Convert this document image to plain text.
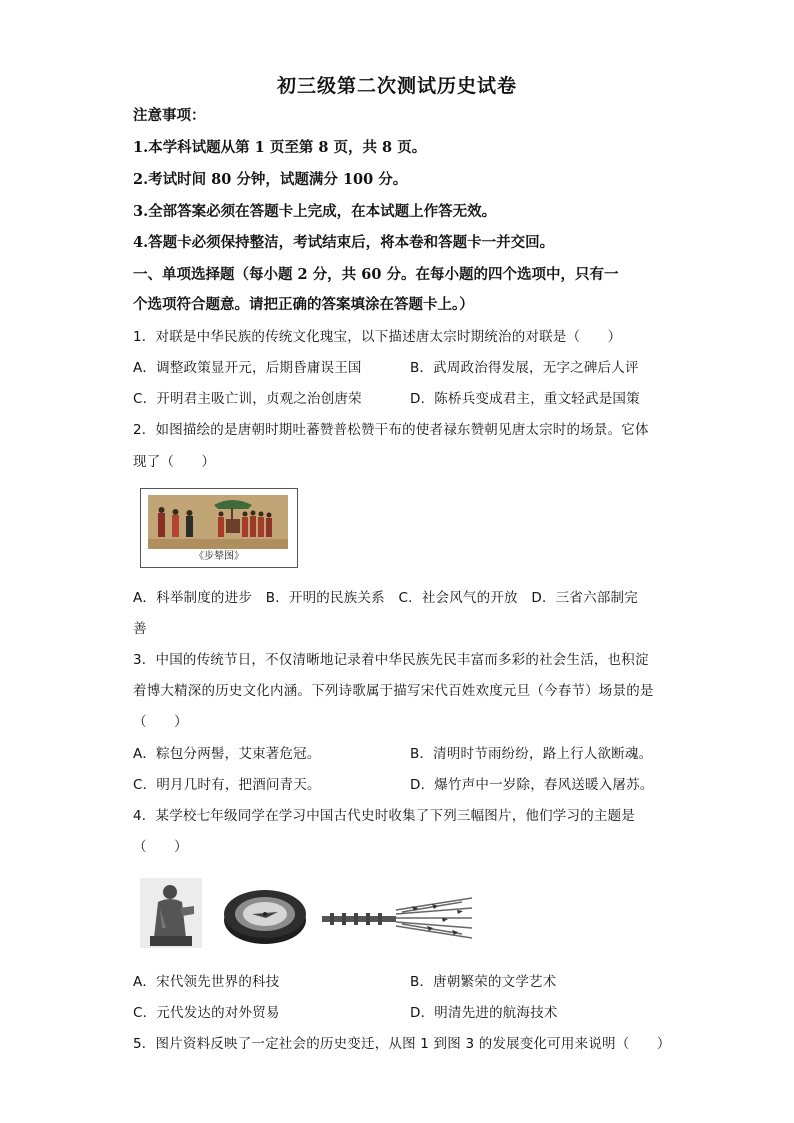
初三级第二次测试历史试卷
注意事项：
1.本学科试题从第 1 页至第 8 页，共 8 页。
2.考试时间 80 分钟，试题满分 100 分。
3.全部答案必须在答题卡上完成，在本试题上作答无效。
4.答题卡必须保持整洁，考试结束后，将本卷和答题卡一并交回。
一、单项选择题（每小题 2 分，共 60 分。在每小题的四个选项中，只有一
个选项符合题意。请把正确的答案填涂在答题卡上。）
1．对联是中华民族的传统文化瑰宝，以下描述唐太宗时期统治的对联是（　　）
A．调整政策显开元，后期昏庸误王国	B．武周政治得发展，无字之碑后人评
C．开明君主吸亡训，贞观之治创唐荣	D．陈桥兵变成君主，重文轻武是国策
2．如图描绘的是唐朝时期吐蕃赞普松赞干布的使者禄东赞朝见唐太宗时的场景。它体
现了（　　）
《步辇图》
A．科举制度的进步　B．开明的民族关系　C．社会风气的开放　D．三省六部制完
善
3．中国的传统节日，不仅清晰地记录着中华民族先民丰富而多彩的社会生活，也积淀
着博大精深的历史文化内涵。下列诗歌属于描写宋代百姓欢度元旦（今春节）场景的是
（　　）
A．粽包分两髻，艾束著危冠。	B．清明时节雨纷纷，路上行人欲断魂。
C．明月几时有，把酒问青天。	D．爆竹声中一岁除，春风送暖入屠苏。
4．某学校七年级同学在学习中国古代史时收集了下列三幅图片，他们学习的主题是
（　　）
A．宋代领先世界的科技	B．唐朝繁荣的文学艺术
C．元代发达的对外贸易	D．明清先进的航海技术
5．图片资料反映了一定社会的历史变迁，从图 1 到图 3 的发展变化可用来说明（　　）
